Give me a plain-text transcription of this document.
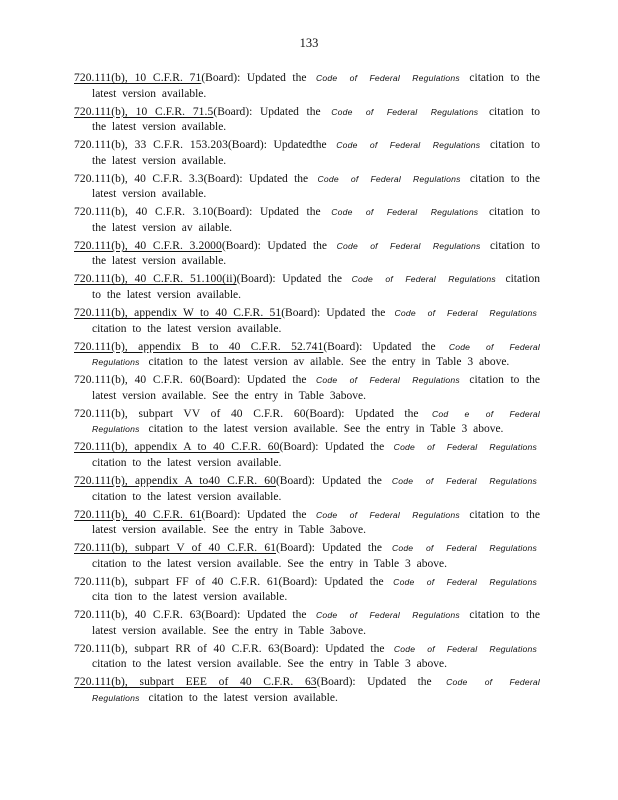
133
720.111(b), 10 C.F.R. 71(Board): Updated the Code of Federal Regulations citation to the latest version available.
720.111(b), 10 C.F.R. 71.5(Board): Updated the Code of Federal Regulations citation to the latest version available.
720.111(b), 33 C.F.R. 153.203(Board): Updatedthe Code of Federal Regulations citation to the latest version available.
720.111(b), 40 C.F.R. 3.3(Board): Updated the Code of Federal Regulations citation to the latest version available.
720.111(b), 40 C.F.R. 3.10(Board): Updated the Code of Federal Regulations citation to the latest version av ailable.
720.111(b), 40 C.F.R. 3.2000(Board): Updated the Code of Federal Regulations citation to the latest version available.
720.111(b), 40 C.F.R. 51.100(ii)(Board): Updated the Code of Federal Regulations citation to the latest version available.
720.111(b), appendix W to 40 C.F.R. 51(Board): Updated the Code of Federal Regulations citation to the latest version available.
720.111(b), appendix B to 40 C.F.R. 52.741(Board): Updated the Code of Federal Regulations citation to the latest version av ailable. See the entry in Table 3 above.
720.111(b), 40 C.F.R. 60(Board): Updated the Code of Federal Regulations citation to the latest version available. See the entry in Table 3above.
720.111(b), subpart VV of 40 C.F.R. 60(Board): Updated the Cod e of Federal Regulations citation to the latest version available. See the entry in Table 3 above.
720.111(b), appendix A to 40 C.F.R. 60(Board): Updated the Code of Federal Regulations citation to the latest version available.
720.111(b), appendix A to40 C.F.R. 60(Board): Updated the Code of Federal Regulations citation to the latest version available.
720.111(b), 40 C.F.R. 61(Board): Updated the Code of Federal Regulations citation to the latest version available. See the entry in Table 3above.
720.111(b), subpart V of 40 C.F.R. 61(Board): Updated the Code of Federal Regulations citation to the latest version available. See the entry in Table 3 above.
720.111(b), subpart FF of 40 C.F.R. 61(Board): Updated the Code of Federal Regulations cita tion to the latest version available.
720.111(b), 40 C.F.R. 63(Board): Updated the Code of Federal Regulations citation to the latest version available. See the entry in Table 3above.
720.111(b), subpart RR of 40 C.F.R. 63(Board): Updated the Code of Federal Regulations citation to the latest version available. See the entry in Table 3 above.
720.111(b), subpart EEE of 40 C.F.R. 63(Board): Updated the Code of Federal Regulations citation to the latest version available.
